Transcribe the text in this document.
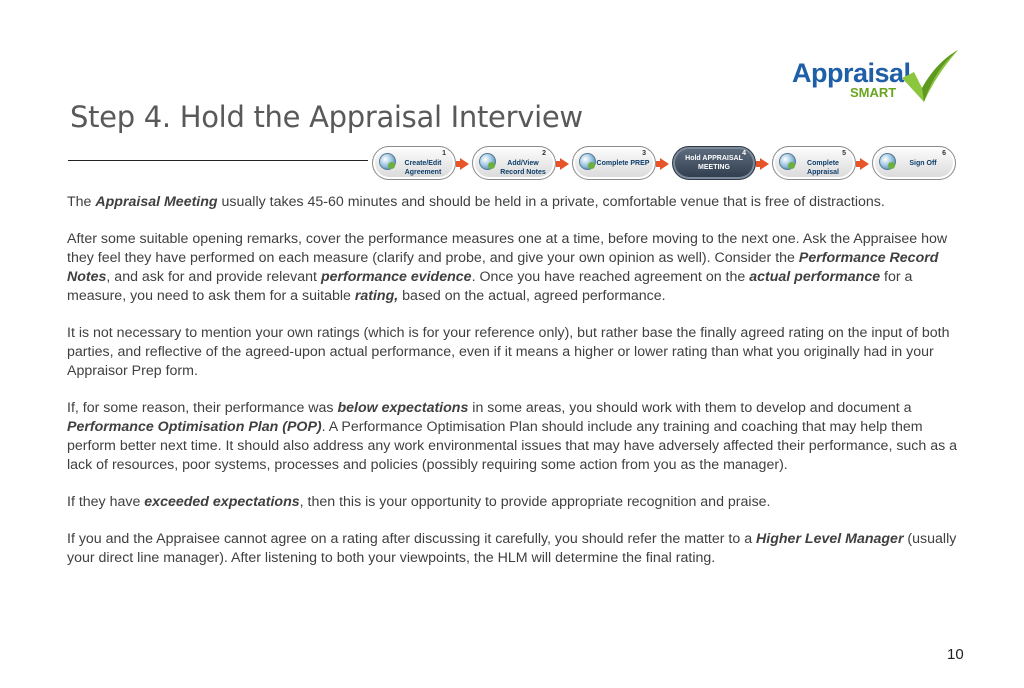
Appraisal
SMART
Step 4. Hold the Appraisal Interview
1
Create/Edit Agreement
2
Add/View Record Notes
3
Complete PREP
4
Hold APPRAISAL MEETING
5
Complete Appraisal
6
Sign Off

The Appraisal Meeting usually takes 45-60 minutes and should be held in a private, comfortable venue that is free of distractions.

After some suitable opening remarks, cover the performance measures one at a time, before moving to the next one. Ask the Appraisee how they feel they have performed on each measure (clarify and probe, and give your own opinion as well). Consider the Performance Record Notes, and ask for and provide relevant performance evidence. Once you have reached agreement on the actual performance for a measure, you need to ask them for a suitable rating, based on the actual, agreed performance.

It is not necessary to mention your own ratings (which is for your reference only), but rather base the finally agreed rating on the input of both parties, and reflective of the agreed-upon actual performance, even if it means a higher or lower rating than what you originally had in your Appraisor Prep form.

If, for some reason, their performance was below expectations in some areas, you should work with them to develop and document a Performance Optimisation Plan (POP). A Performance Optimisation Plan should include any training and coaching that may help them perform better next time. It should also address any work environmental issues that may have adversely affected their performance, such as a lack of resources, poor systems, processes and policies (possibly requiring some action from you as the manager).

If they have exceeded expectations, then this is your opportunity to provide appropriate recognition and praise.

If you and the Appraisee cannot agree on a rating after discussing it carefully, you should refer the matter to a Higher Level Manager (usually your direct line manager). After listening to both your viewpoints, the HLM will determine the final rating.

10
